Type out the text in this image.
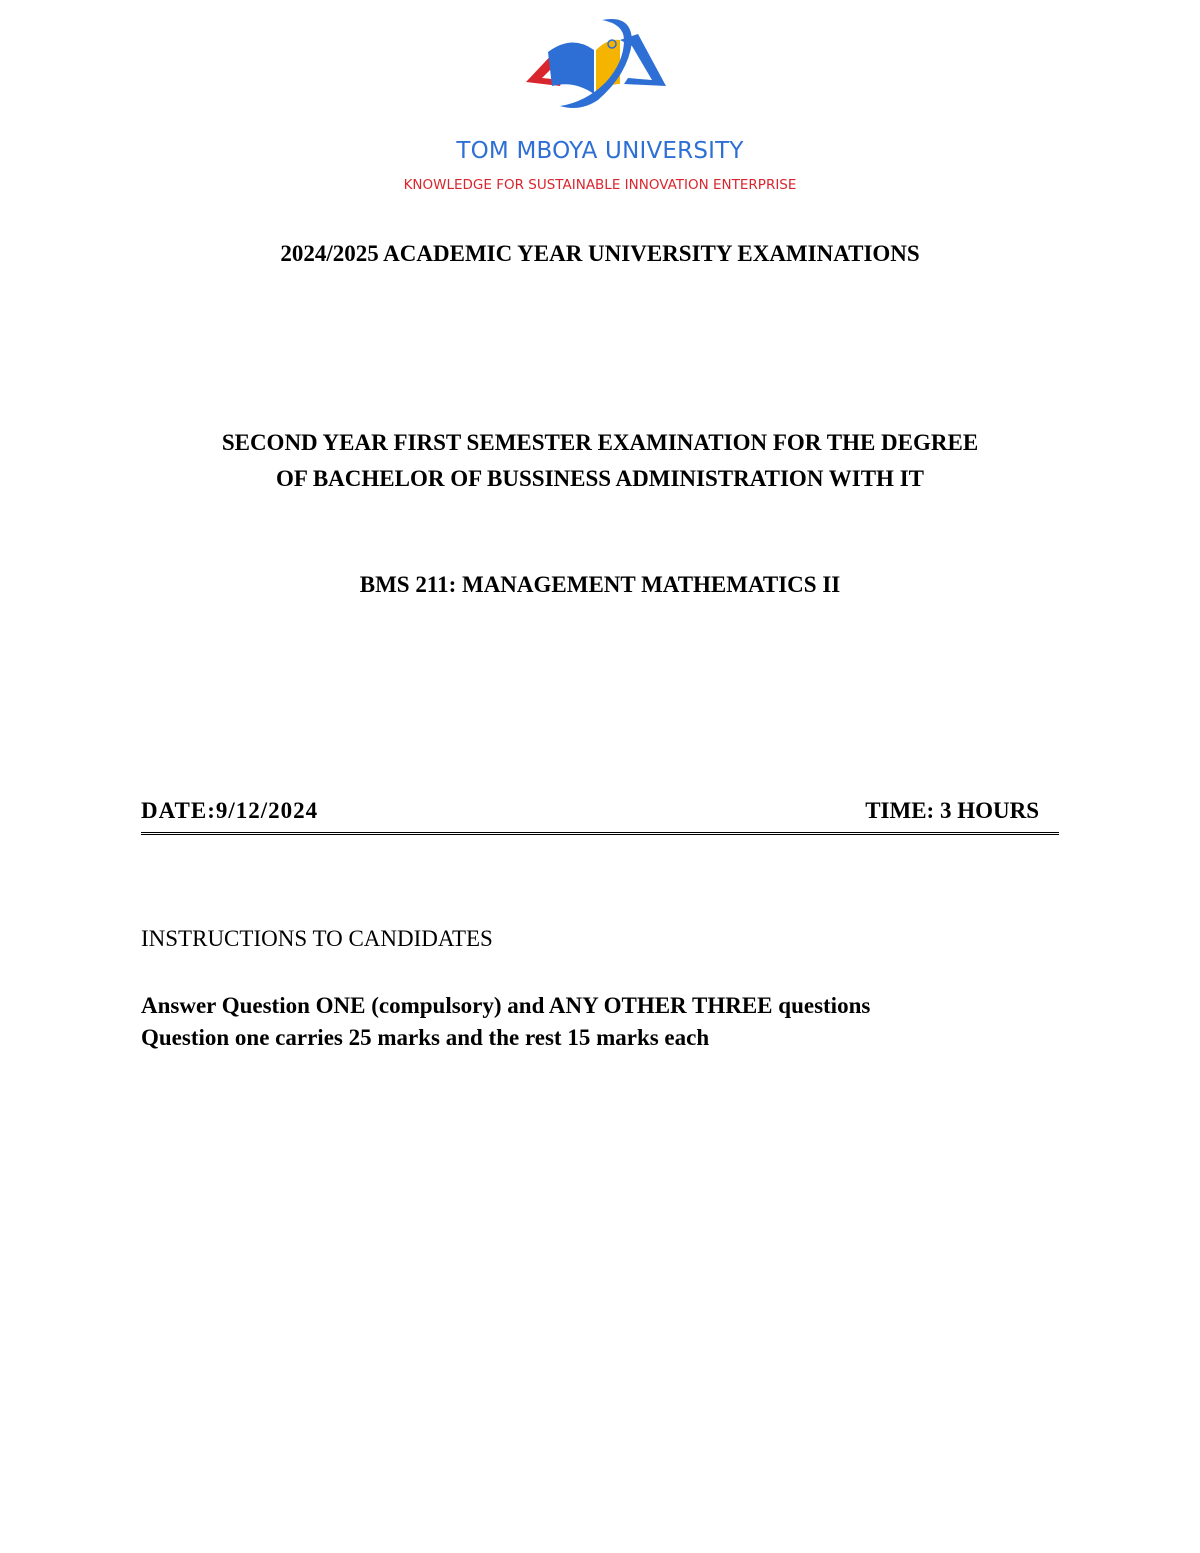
TOM MBOYA UNIVERSITY
KNOWLEDGE FOR SUSTAINABLE INNOVATION ENTERPRISE
2024/2025 ACADEMIC YEAR UNIVERSITY EXAMINATIONS
SECOND YEAR FIRST SEMESTER EXAMINATION FOR THE DEGREE
OF BACHELOR OF BUSSINESS ADMINISTRATION WITH IT
BMS 211: MANAGEMENT MATHEMATICS II
DATE:9/12/2024	TIME: 3 HOURS
INSTRUCTIONS TO CANDIDATES
Answer Question ONE (compulsory) and ANY OTHER THREE questions
Question one carries 25 marks and the rest 15 marks each
